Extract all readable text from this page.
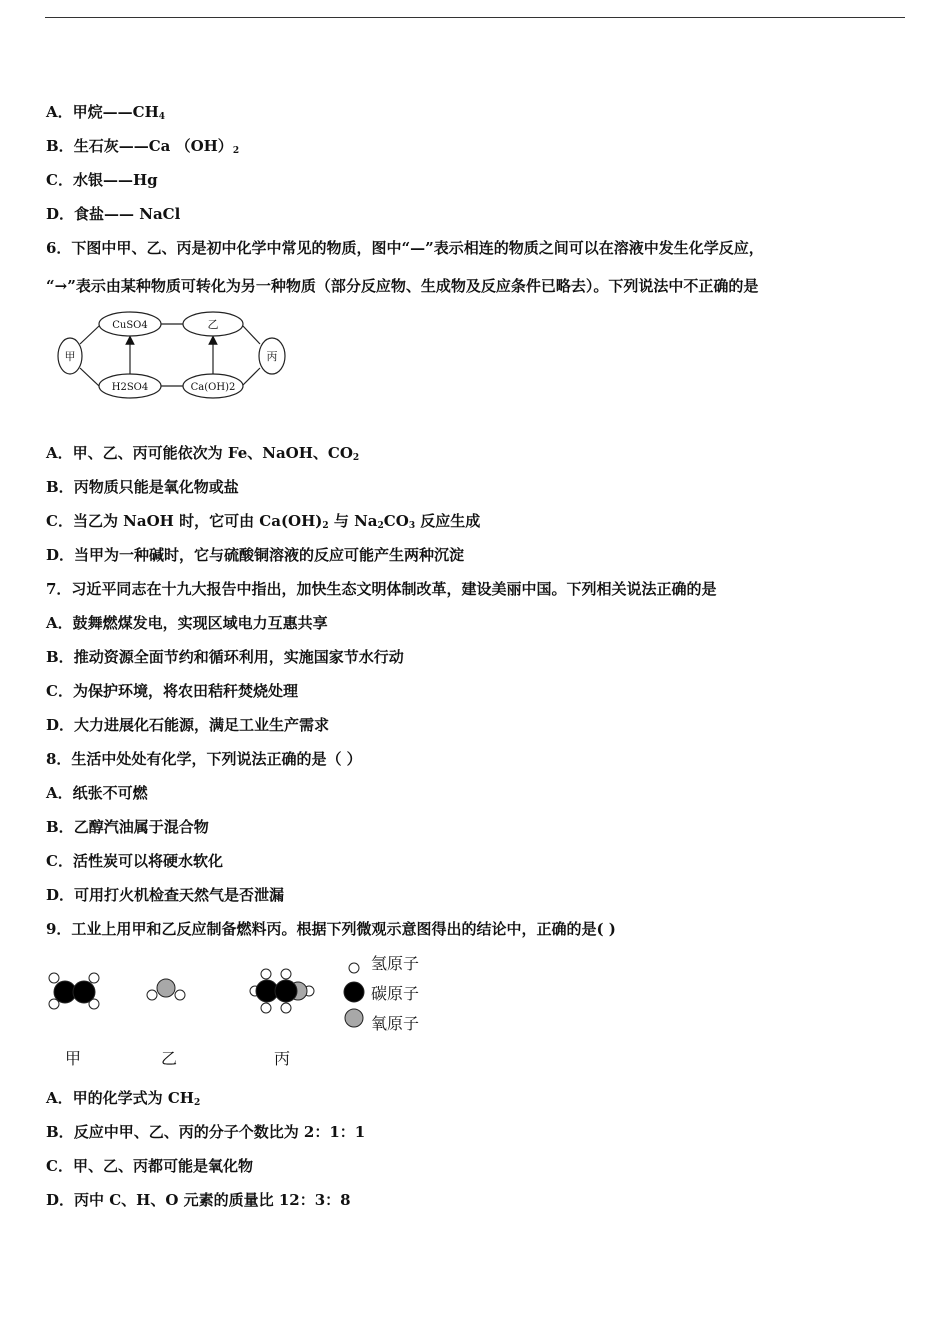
A．甲烷$——CH_4$
B．生石灰——Ca $(OH)_2$
C．水银——Hg
D．食盐—— NaCl
6．下图中甲、乙、丙是初中化学中常见的物质，图中“—”表示相连的物质之间可以在溶液中发生化学反应，
“→”表示由某种物质可转化为另一种物质（部分反应物、生成物及反应条件已略去）。下列说法中不正确的是
甲
CuSO4	乙
H2SO4	Ca(OH)2
丙
A．甲、乙、丙可能依次为 Fe、NaOH、$CO_2$
B．丙物质只能是氧化物或盐
C．当乙为 NaOH 时，它可由 $Ca(OH)_2$ 与 $Na_2CO_3$ 反应生成
D．当甲为一种碱时，它与硫酸铜溶液的反应可能产生两种沉淀
7．习近平同志在十九大报告中指出，加快生态文明体制改革，建设美丽中国。下列相关说法正确的是
A．鼓舞燃煤发电，实现区域电力互惠共享
B．推动资源全面节约和循环利用，实施国家节水行动
C．为保护环境，将农田秸秆焚烧处理
D．大力进展化石能源，满足工业生产需求
8．生活中处处有化学，下列说法正确的是（ ）
A．纸张不可燃
B．乙醇汽油属于混合物
C．活性炭可以将硬水软化
D．可用打火机检查天然气是否泄漏
9．工业上用甲和乙反应制备燃料丙。根据下列微观示意图得出的结论中，正确的是( )
氢原子
碳原子
氧原子
甲	乙	丙
A．甲的化学式为 $CH_2$
B．反应中甲、乙、丙的分子个数比为 2：1：1
C．甲、乙、丙都可能是氧化物
D．丙中 C、H、O 元素的质量比 12：3：8
